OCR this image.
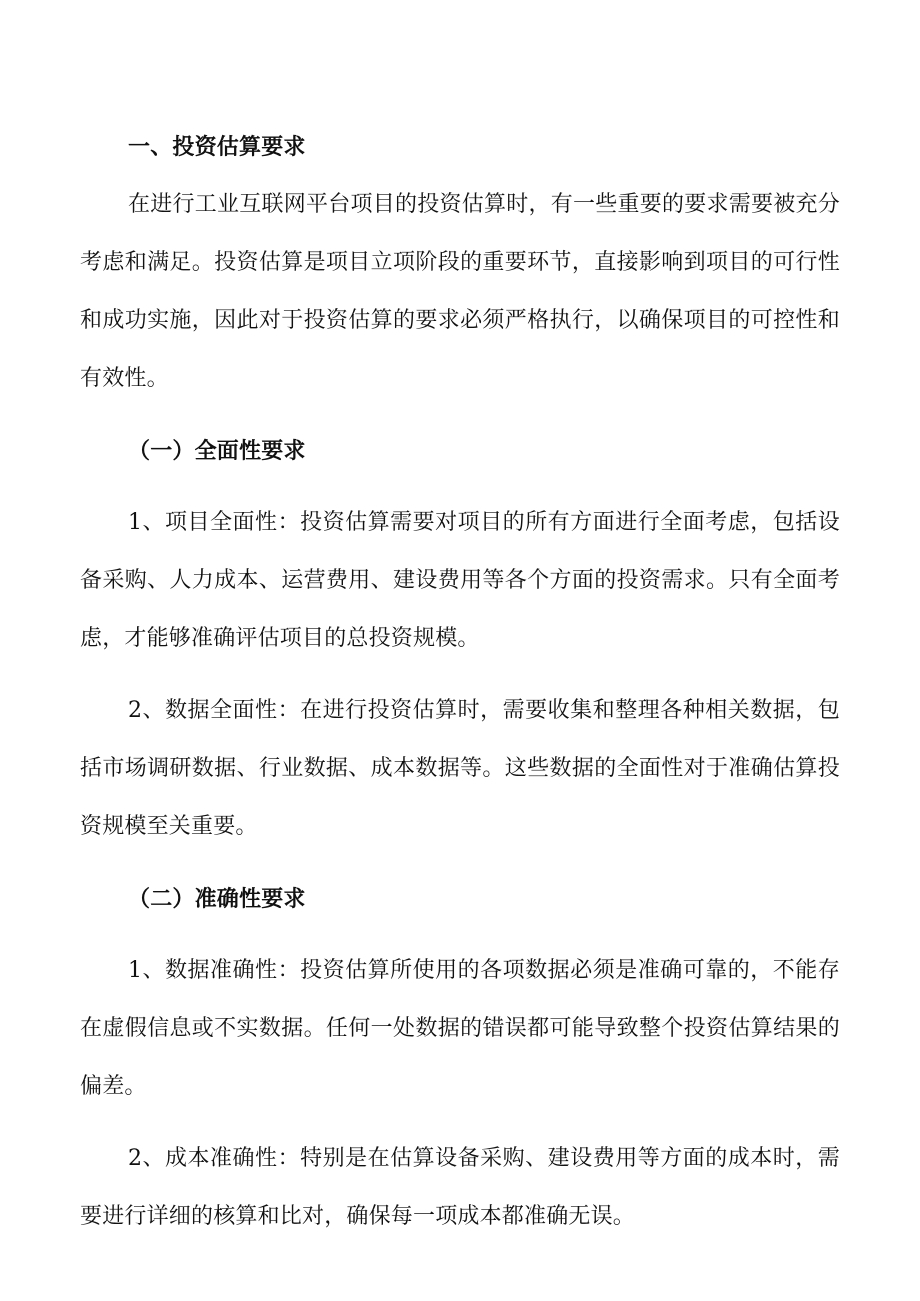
一、投资估算要求

在进行工业互联网平台项目的投资估算时，有一些重要的要求需要被充分考虑和满足。投资估算是项目立项阶段的重要环节，直接影响到项目的可行性和成功实施，因此对于投资估算的要求必须严格执行，以确保项目的可控性和有效性。

（一）全面性要求

1、项目全面性：投资估算需要对项目的所有方面进行全面考虑，包括设备采购、人力成本、运营费用、建设费用等各个方面的投资需求。只有全面考虑，才能够准确评估项目的总投资规模。

2、数据全面性：在进行投资估算时，需要收集和整理各种相关数据，包括市场调研数据、行业数据、成本数据等。这些数据的全面性对于准确估算投资规模至关重要。

（二）准确性要求

1、数据准确性：投资估算所使用的各项数据必须是准确可靠的，不能存在虚假信息或不实数据。任何一处数据的错误都可能导致整个投资估算结果的偏差。

2、成本准确性：特别是在估算设备采购、建设费用等方面的成本时，需要进行详细的核算和比对，确保每一项成本都准确无误。
